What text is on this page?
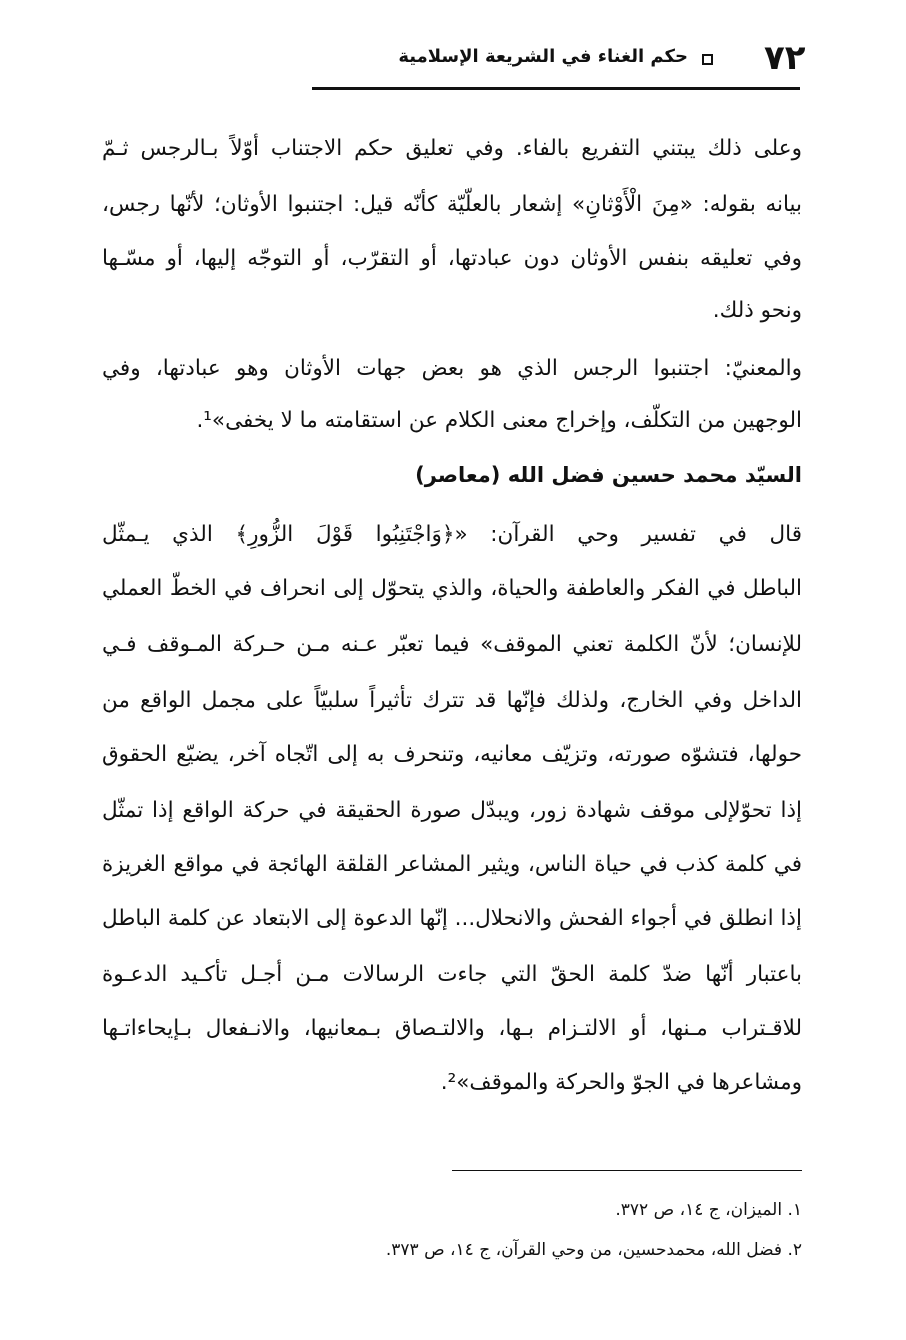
٧٢
حكم الغناء في الشريعة الإسلامية
وعلى ذلك يبتني التفريع بالفاء. وفي تعليق حكم الاجتناب أوّلاً بـالرجس ثـمّ
بيانه بقوله: «مِنَ الْأَوْثانِ» إشعار بالعلّيّة كأنّه قيل: اجتنبوا الأوثان؛ لأنّها رجس،
وفي تعليقه بنفس الأوثان دون عبادتها، أو التقرّب، أو التوجّه إليها، أو مسّـها
ونحو ذلك.
والمعنيّ: اجتنبوا الرجس الذي هو بعض جهات الأوثان وهو عبادتها، وفي
الوجهين من التكلّف، وإخراج معنى الكلام عن استقامته ما لا يخفى»¹.
السيّد محمد حسين فضل الله (معاصر)
قال في تفسير وحي القرآن: «﴿وَاجْتَنِبُوا قَوْلَ الزُّورِ﴾ الذي يـمثّل
الباطل في الفكر والعاطفة والحياة، والذي يتحوّل إلى انحراف في الخطّ العملي
للإنسان؛ لأنّ الكلمة تعني الموقف» فيما تعبّر عـنه مـن حـركة المـوقف فـي
الداخل وفي الخارج، ولذلك فإنّها قد تترك تأثيراً سلبيّاً على مجمل الواقع من
حولها، فتشوّه صورته، وتزيّف معانيه، وتنحرف به إلى اتّجاه آخر، يضيّع الحقوق
إذا تحوّلإلى موقف شهادة زور، ويبدّل صورة الحقيقة في حركة الواقع إذا تمثّل
في كلمة كذب في حياة الناس، ويثير المشاعر القلقة الهائجة في مواقع الغريزة
إذا انطلق في أجواء الفحش والانحلال... إنّها الدعوة إلى الابتعاد عن كلمة الباطل
باعتبار أنّها ضدّ كلمة الحقّ التي جاءت الرسالات مـن أجـل تأكـيد الدعـوة
للاقـتراب مـنها، أو الالتـزام بـها، والالتـصاق بـمعانيها، والانـفعال بـإيحاءاتـها
ومشاعرها في الجوّ والحركة والموقف»².
١. الميزان، ج ١٤، ص ٣٧٢.
٢. فضل الله، محمدحسين، من وحي القرآن، ج ١٤، ص ٣٧٣.
